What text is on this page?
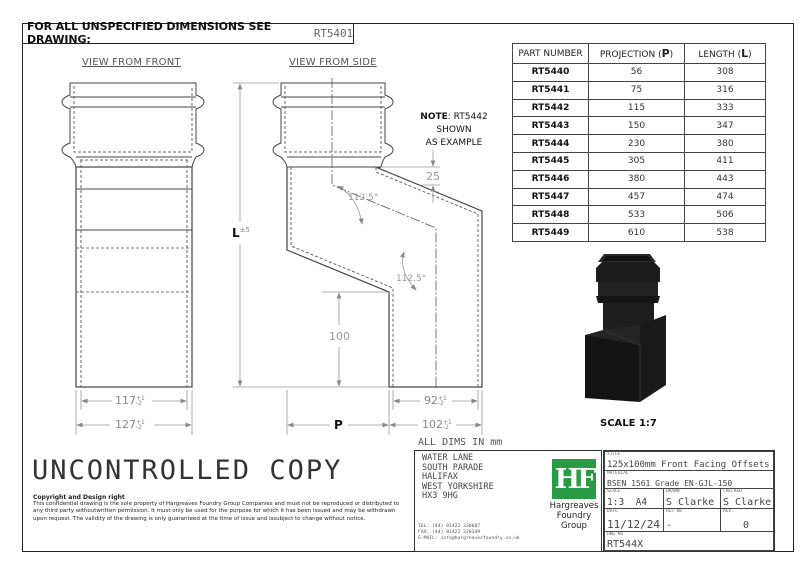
FOR ALL UNSPECIFIED DIMENSIONS SEE DRAWING:	RT5401
VIEW FROM FRONT	VIEW FROM SIDE
117+1
-2
127+1
-2
92+1
-2
102+1
-2
P
$L^{\pm 5}$
25
100
112.5°
112.5°
NOTE: RT5442 SHOWN
AS EXAMPLE
PART NUMBER	PROJECTION (P)	LENGTH (L)
RT5440	56	308
RT5441	75	316
RT5442	115	333
RT5443	150	347
RT5444	230	380
RT5445	305	411
RT5446	380	443
RT5447	457	474
RT5448	533	506
RT5449	610	538
SCALE 1:7
ALL DIMS IN mm
UNCONTROLLED COPY
Copyright and Design right
This confidential drawing is the sole property of Hargreaves Foundry Group Companies and must not be reproduced or distributed to any third party withoutwritten permission. It must only be used for the purpose for which it has been issued and may be withdrawn upon request. The validity of the drawing is only guaranteed at the time of issue and issubject to change without notice.
WATER LANE
SOUTH PARADE
HALIFAX
WEST YORKSHIRE
HX3 9HG
HF
Hargreaves
Foundry
Group
TEL: (44) 01422 330607
FAX: (44) 01422 320349
E-MAIL: info@hargreavesfoundry.co.uk
TITLE
125x100mm Front Facing Offsets
MATERIAL
BSEN 1561 Grade EN-GJL-150
SCALE
1:3  A4
DRAWN
S Clarke
CHECKED
S Clarke
DATE
11/12/24
REF No
-
REV.
0
DWG No
RT544X
